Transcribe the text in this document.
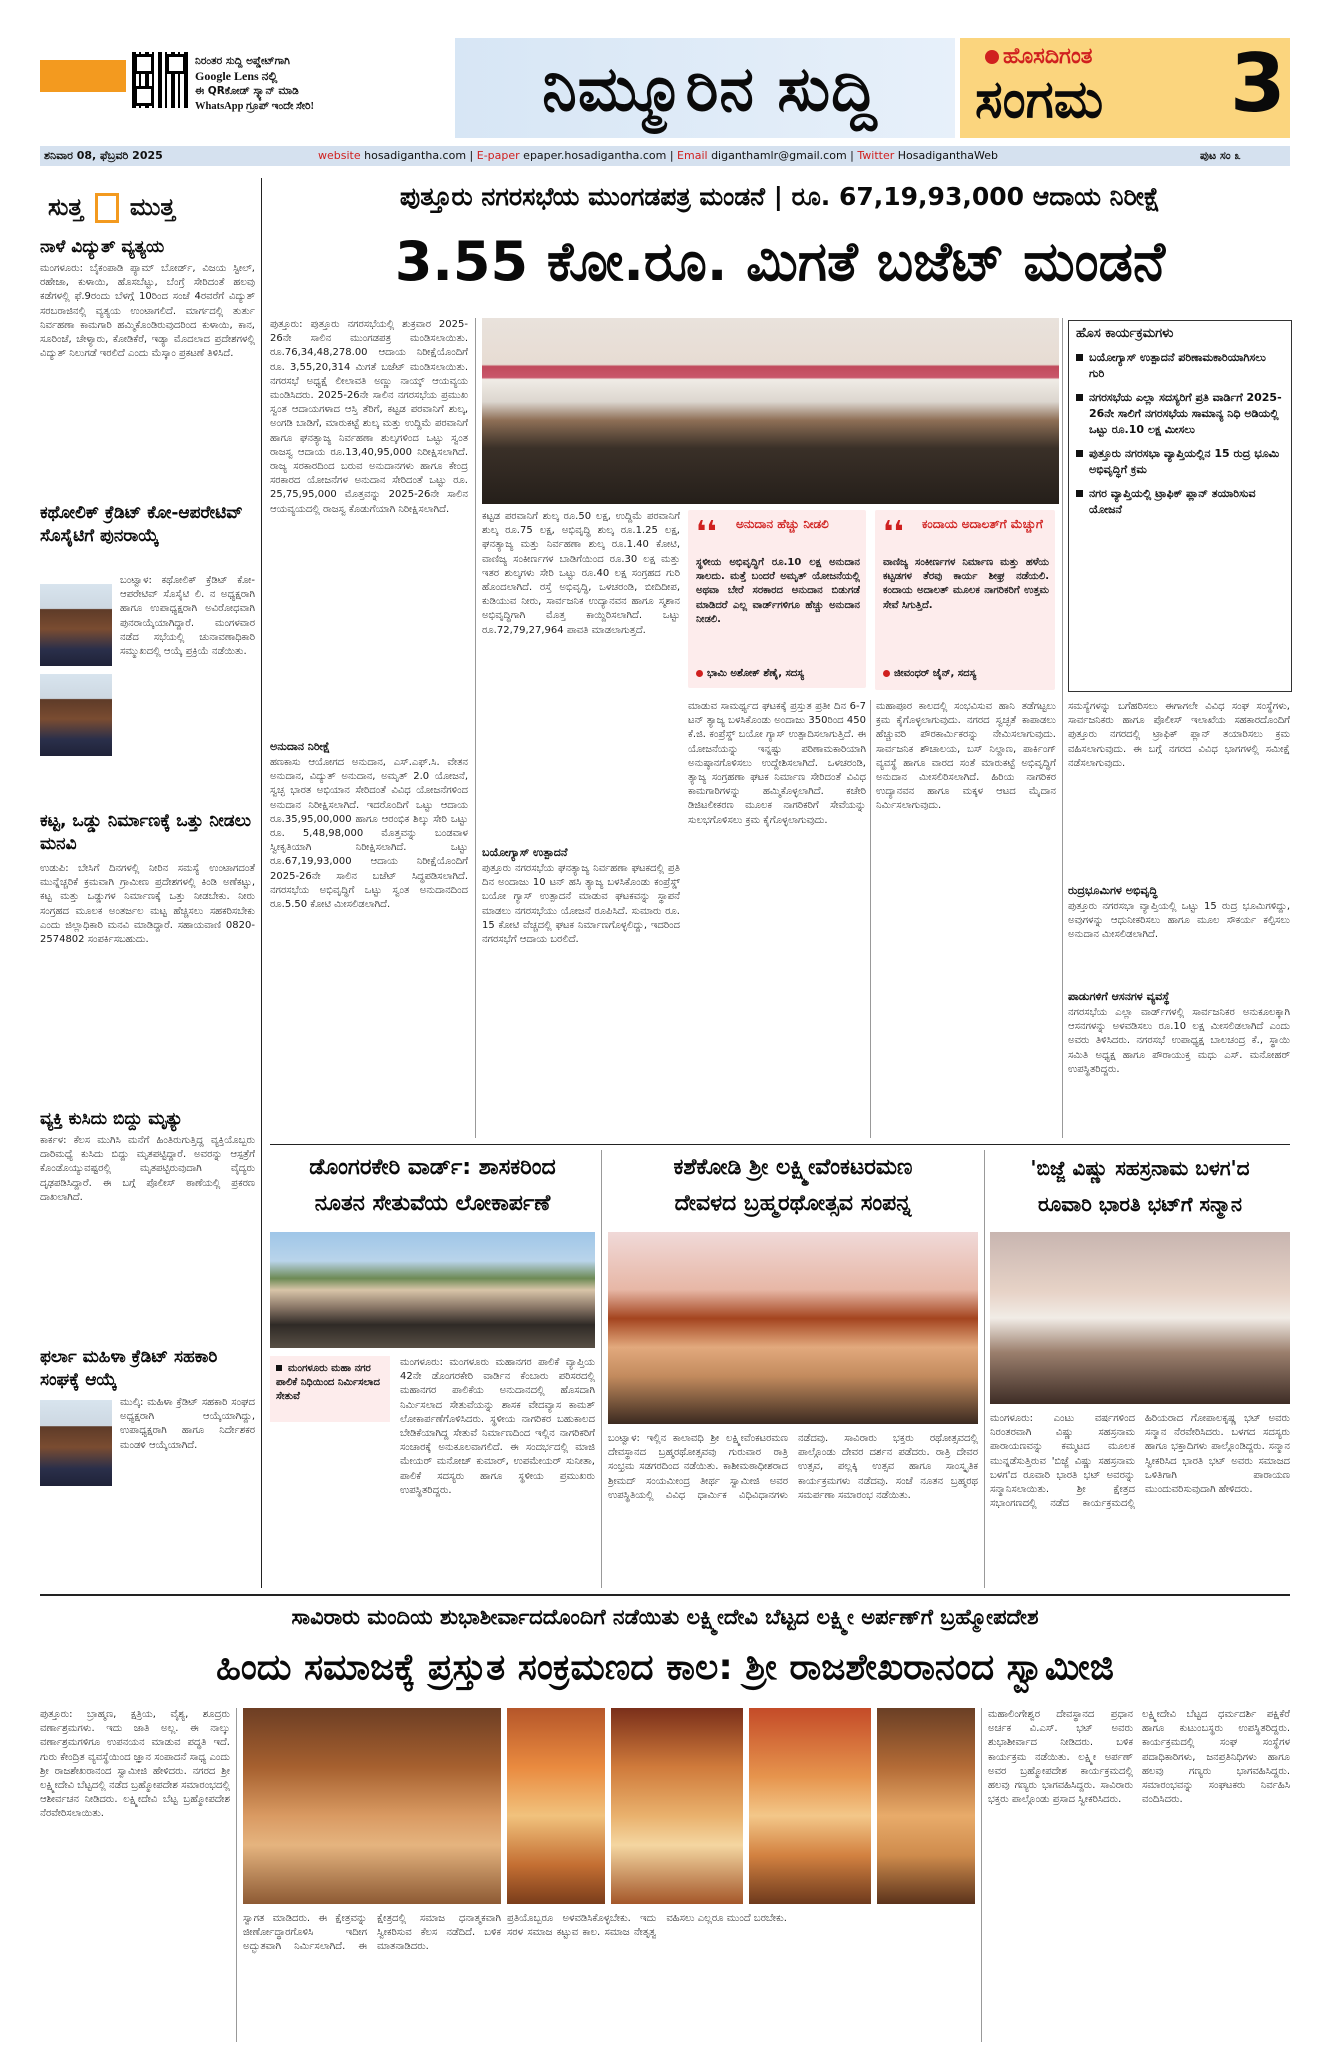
ನಿರಂತರ ಸುದ್ದಿ ಅಪ್ಡೇಟ್‌ಗಾಗಿ
Google Lens ನಲ್ಲಿ
ಈ QRಕೋಡ್ ಸ್ಕ್ಯಾನ್ ಮಾಡಿ
WhatsApp ಗ್ರೂಪ್ ಇಂದೇ ಸೇರಿ!	ನಿಮ್ಮೂರಿನ ಸುದ್ದಿ	ಹೊಸದಿಗಂತ
ಸಂಗಮ 3
ಶನಿವಾರ 08, ಫೆಬ್ರವರಿ 2025	website hosadigantha.com | E-paper epaper.hosadigantha.com | Email diganthamlr@gmail.com | Twitter HosadiganthaWeb	ಪುಟ ಸಂ ೩
ಸುತ್ತ ಮುತ್ತ
ನಾಳೆ ವಿದ್ಯುತ್ ವ್ಯತ್ಯಯ
ಮಂಗಳೂರು: ಬೈಕಂಪಾಡಿ ಪ್ಯಾಮ್ ಬೋರ್ಡ್, ವಿಜಯ ಸ್ಟೀಲ್, ರಹೇಜಾ, ಕುಳಾಯಿ, ಹೊಸಬೆಟ್ಟು, ಬೆಂಗ್ರೆ ಸೇರಿದಂತೆ ಹಲವು ಕಡೆಗಳಲ್ಲಿ ಫೆ.9ರಂದು ಬೆಳಗ್ಗೆ 10ರಿಂದ ಸಂಜೆ 4ರವರೆಗೆ ವಿದ್ಯುತ್ ಸರಬರಾಜಿನಲ್ಲಿ ವ್ಯತ್ಯಯ ಉಂಟಾಗಲಿದೆ. ಮಾರ್ಗದಲ್ಲಿ ತುರ್ತು ನಿರ್ವಹಣಾ ಕಾಮಗಾರಿ ಹಮ್ಮಿಕೊಂಡಿರುವುದರಿಂದ ಕುಳಾಯಿ, ಕಾನ, ಸೂರಿಂಜೆ, ಚೇಳ್ಯಾರು, ಕೋಡಿಕೆರೆ, ಇಡ್ಯಾ ಮೊದಲಾದ ಪ್ರದೇಶಗಳಲ್ಲಿ ವಿದ್ಯುತ್ ನಿಲುಗಡೆ ಇರಲಿದೆ ಎಂದು ಮೆಸ್ಕಾಂ ಪ್ರಕಟಣೆ ತಿಳಿಸಿದೆ.
ಕಥೋಲಿಕ್ ಕ್ರೆಡಿಟ್ ಕೋ-ಆಪರೇಟಿವ್ ಸೊಸೈಟಿಗೆ ಪುನರಾಯ್ಕೆ
ಬಂಟ್ವಾಳ: ಕಥೋಲಿಕ್ ಕ್ರೆಡಿಟ್ ಕೋ-ಆಪರೇಟಿವ್ ಸೊಸೈಟಿ ಲಿ. ನ ಅಧ್ಯಕ್ಷರಾಗಿ ಹಾಗೂ ಉಪಾಧ್ಯಕ್ಷರಾಗಿ ಅವಿರೋಧವಾಗಿ ಪುನರಾಯ್ಕೆಯಾಗಿದ್ದಾರೆ. ಮಂಗಳವಾರ ನಡೆದ ಸಭೆಯಲ್ಲಿ ಚುನಾವಣಾಧಿಕಾರಿ ಸಮ್ಮುಖದಲ್ಲಿ ಆಯ್ಕೆ ಪ್ರಕ್ರಿಯೆ ನಡೆಯಿತು.
ಕಟ್ಟ, ಒಡ್ಡು ನಿರ್ಮಾಣಕ್ಕೆ ಒತ್ತು ನೀಡಲು ಮನವಿ
ಉಡುಪಿ: ಬೇಸಿಗೆ ದಿನಗಳಲ್ಲಿ ನೀರಿನ ಸಮಸ್ಯೆ ಉಂಟಾಗದಂತೆ ಮುನ್ನೆಚ್ಚರಿಕೆ ಕ್ರಮವಾಗಿ ಗ್ರಾಮೀಣ ಪ್ರದೇಶಗಳಲ್ಲಿ ಕಿಂಡಿ ಅಣೆಕಟ್ಟು, ಕಟ್ಟ ಮತ್ತು ಒಡ್ಡುಗಳ ನಿರ್ಮಾಣಕ್ಕೆ ಒತ್ತು ನೀಡಬೇಕು. ನೀರು ಸಂಗ್ರಹದ ಮೂಲಕ ಅಂತರ್ಜಲ ಮಟ್ಟ ಹೆಚ್ಚಿಸಲು ಸಹಕರಿಸಬೇಕು ಎಂದು ಜಿಲ್ಲಾಧಿಕಾರಿ ಮನವಿ ಮಾಡಿದ್ದಾರೆ. ಸಹಾಯವಾಣಿ 0820-2574802 ಸಂಪರ್ಕಿಸಬಹುದು.
ವ್ಯಕ್ತಿ ಕುಸಿದು ಬಿದ್ದು ಮೃತ್ಯು
ಕಾರ್ಕಳ: ಕೆಲಸ ಮುಗಿಸಿ ಮನೆಗೆ ಹಿಂತಿರುಗುತ್ತಿದ್ದ ವ್ಯಕ್ತಿಯೊಬ್ಬರು ದಾರಿಮಧ್ಯೆ ಕುಸಿದು ಬಿದ್ದು ಮೃತಪಟ್ಟಿದ್ದಾರೆ. ಅವರನ್ನು ಆಸ್ಪತ್ರೆಗೆ ಕೊಂಡೊಯ್ಯುವಷ್ಟರಲ್ಲಿ ಮೃತಪಟ್ಟಿರುವುದಾಗಿ ವೈದ್ಯರು ದೃಢಪಡಿಸಿದ್ದಾರೆ. ಈ ಬಗ್ಗೆ ಪೊಲೀಸ್ ಠಾಣೆಯಲ್ಲಿ ಪ್ರಕರಣ ದಾಖಲಾಗಿದೆ.
ಫರ್ಲಾ ಮಹಿಳಾ ಕ್ರೆಡಿಟ್ ಸಹಕಾರಿ ಸಂಘಕ್ಕೆ ಆಯ್ಕೆ
ಮುಲ್ಕಿ: ಮಹಿಳಾ ಕ್ರೆಡಿಟ್ ಸಹಕಾರಿ ಸಂಘದ ಅಧ್ಯಕ್ಷರಾಗಿ ಆಯ್ಕೆಯಾಗಿದ್ದು, ಉಪಾಧ್ಯಕ್ಷರಾಗಿ ಹಾಗೂ ನಿರ್ದೇಶಕರ ಮಂಡಳಿ ಆಯ್ಕೆಯಾಗಿದೆ.
ಪುತ್ತೂರು ನಗರಸಭೆಯ ಮುಂಗಡಪತ್ರ ಮಂಡನೆ | ರೂ. 67,19,93,000 ಆದಾಯ ನಿರೀಕ್ಷೆ
3.55 ಕೋ.ರೂ. ಮಿಗತೆ ಬಜೆಟ್ ಮಂಡನೆ
ಪುತ್ತೂರು: ಪುತ್ತೂರು ನಗರಸಭೆಯಲ್ಲಿ ಶುಕ್ರವಾರ 2025-26ನೇ ಸಾಲಿನ ಮುಂಗಡಪತ್ರ ಮಂಡಿಸಲಾಯಿತು. ರೂ.76,34,48,278.00 ಆದಾಯ ನಿರೀಕ್ಷೆಯೊಂದಿಗೆ ರೂ. 3,55,20,314 ಮಿಗತೆ ಬಜೆಟ್ ಮಂಡಿಸಲಾಯಿತು. ನಗರಸಭೆ ಅಧ್ಯಕ್ಷೆ ಲೀಲಾವತಿ ಅಣ್ಣು ನಾಯ್ಕ್ ಆಯವ್ಯಯ ಮಂಡಿಸಿದರು. 2025-26ನೇ ಸಾಲಿನ ನಗರಸಭೆಯ ಪ್ರಮುಖ ಸ್ವಂತ ಆದಾಯಗಳಾದ ಆಸ್ತಿ ತೆರಿಗೆ, ಕಟ್ಟಡ ಪರವಾನಿಗೆ ಶುಲ್ಕ, ಅಂಗಡಿ ಬಾಡಿಗೆ, ಮಾರುಕಟ್ಟೆ ಶುಲ್ಕ ಮತ್ತು ಉದ್ದಿಮೆ ಪರವಾನಿಗೆ ಹಾಗೂ ಘನತ್ಯಾಜ್ಯ ನಿರ್ವಹಣಾ ಶುಲ್ಕಗಳಿಂದ ಒಟ್ಟು ಸ್ವಂತ ರಾಜಸ್ವ ಆದಾಯ ರೂ.13,40,95,000 ನಿರೀಕ್ಷಿಸಲಾಗಿದೆ. ರಾಜ್ಯ ಸರಕಾರದಿಂದ ಬರುವ ಅನುದಾನಗಳು ಹಾಗೂ ಕೇಂದ್ರ ಸರಕಾರದ ಯೋಜನೆಗಳ ಅನುದಾನ ಸೇರಿದಂತೆ ಒಟ್ಟು ರೂ. 25,75,95,000 ಮೊತ್ತವನ್ನು 2025-26ನೇ ಸಾಲಿನ ಆಯವ್ಯಯದಲ್ಲಿ ರಾಜಸ್ವ ಕೊಡುಗೆಯಾಗಿ ನಿರೀಕ್ಷಿಸಲಾಗಿದೆ.
ಅನುದಾನ ನಿರೀಕ್ಷೆ
ಹಣಕಾಸು ಆಯೋಗದ ಅನುದಾನ, ಎಸ್.ಎಫ್.ಸಿ. ವೇತನ ಅನುದಾನ, ವಿದ್ಯುತ್ ಅನುದಾನ, ಅಮೃತ್ 2.0 ಯೋಜನೆ, ಸ್ವಚ್ಛ ಭಾರತ ಅಭಿಯಾನ ಸೇರಿದಂತೆ ವಿವಿಧ ಯೋಜನೆಗಳಿಂದ ಅನುದಾನ ನಿರೀಕ್ಷಿಸಲಾಗಿದೆ. ಇದರೊಂದಿಗೆ ಒಟ್ಟು ಆದಾಯ ರೂ.35,95,00,000 ಹಾಗೂ ಆರಂಭಿಕ ಶಿಲ್ಕು ಸೇರಿ ಒಟ್ಟು ರೂ. 5,48,98,000 ಮೊತ್ತವನ್ನು ಬಂಡವಾಳ ಸ್ವೀಕೃತಿಯಾಗಿ ನಿರೀಕ್ಷಿಸಲಾಗಿದೆ. ಒಟ್ಟು ರೂ.67,19,93,000 ಆದಾಯ ನಿರೀಕ್ಷೆಯೊಂದಿಗೆ 2025-26ನೇ ಸಾಲಿನ ಬಜೆಟ್ ಸಿದ್ಧಪಡಿಸಲಾಗಿದೆ. ನಗರಸಭೆಯ ಅಭಿವೃದ್ಧಿಗೆ ಒಟ್ಟು ಸ್ವಂತ ಅನುದಾನದಿಂದ ರೂ.5.50 ಕೋಟಿ ಮೀಸಲಿಡಲಾಗಿದೆ.
ಕಟ್ಟಡ ಪರವಾನಿಗೆ ಶುಲ್ಕ ರೂ.50 ಲಕ್ಷ, ಉದ್ದಿಮೆ ಪರವಾನಿಗೆ ಶುಲ್ಕ ರೂ.75 ಲಕ್ಷ, ಅಭಿವೃದ್ಧಿ ಶುಲ್ಕ ರೂ.1.25 ಲಕ್ಷ, ಘನತ್ಯಾಜ್ಯ ಮತ್ತು ನಿರ್ವಹಣಾ ಶುಲ್ಕ ರೂ.1.40 ಕೋಟಿ, ವಾಣಿಜ್ಯ ಸಂಕೀರ್ಣಗಳ ಬಾಡಿಗೆಯಿಂದ ರೂ.30 ಲಕ್ಷ ಮತ್ತು ಇತರ ಶುಲ್ಕಗಳು ಸೇರಿ ಒಟ್ಟು ರೂ.40 ಲಕ್ಷ ಸಂಗ್ರಹದ ಗುರಿ ಹೊಂದಲಾಗಿದೆ. ರಸ್ತೆ ಅಭಿವೃದ್ಧಿ, ಒಳಚರಂಡಿ, ಬೀದಿದೀಪ, ಕುಡಿಯುವ ನೀರು, ಸಾರ್ವಜನಿಕ ಉದ್ಯಾನವನ ಹಾಗೂ ಸ್ಮಶಾನ ಅಭಿವೃದ್ಧಿಗಾಗಿ ಮೊತ್ತ ಕಾಯ್ದಿರಿಸಲಾಗಿದೆ. ಒಟ್ಟು ರೂ.72,79,27,964 ಪಾವತಿ ಮಾಡಲಾಗುತ್ತದೆ.
ಬಯೋಗ್ಯಾಸ್ ಉತ್ಪಾದನೆ
ಪುತ್ತೂರು ನಗರಸಭೆಯ ಘನತ್ಯಾಜ್ಯ ನಿರ್ವಹಣಾ ಘಟಕದಲ್ಲಿ ಪ್ರತಿ ದಿನ ಅಂದಾಜು 10 ಟನ್ ಹಸಿ ತ್ಯಾಜ್ಯ ಬಳಸಿಕೊಂಡು ಕಂಪ್ರೆಸ್ಡ್ ಬಯೋ ಗ್ಯಾಸ್ ಉತ್ಪಾದನೆ ಮಾಡುವ ಘಟಕವನ್ನು ಸ್ಥಾಪನೆ ಮಾಡಲು ನಗರಸಭೆಯು ಯೋಜನೆ ರೂಪಿಸಿದೆ. ಸುಮಾರು ರೂ. 15 ಕೋಟಿ ವೆಚ್ಚದಲ್ಲಿ ಘಟಕ ನಿರ್ಮಾಣಗೊಳ್ಳಲಿದ್ದು, ಇದರಿಂದ ನಗರಸಭೆಗೆ ಆದಾಯ ಬರಲಿದೆ.
❛❛ ಅನುದಾನ ಹೆಚ್ಚು ನೀಡಲಿ
ಸ್ಥಳೀಯ ಅಭಿವೃದ್ಧಿಗೆ ರೂ.10 ಲಕ್ಷ ಅನುದಾನ ಸಾಲದು. ಮತ್ತೆ ಬಂದರೆ ಅಮೃತ್ ಯೋಜನೆಯಲ್ಲಿ ಅಥವಾ ಬೇರೆ ಸರಕಾರದ ಅನುದಾನ ಬಿಡುಗಡೆ ಮಾಡಿದರೆ ಎಲ್ಲ ವಾರ್ಡ್‌ಗಳಿಗೂ ಹೆಚ್ಚು ಅನುದಾನ ನೀಡಲಿ.
ಭಾಮಿ ಅಶೋಕ್ ಶೆಣೈ, ಸದಸ್ಯ
❛❛ ಕಂದಾಯ ಅದಾಲತ್‌ಗೆ ಮೆಚ್ಚುಗೆ
ವಾಣಿಜ್ಯ ಸಂಕೀರ್ಣಗಳ ನಿರ್ಮಾಣ ಮತ್ತು ಹಳೆಯ ಕಟ್ಟಡಗಳ ತೆರವು ಕಾರ್ಯ ಶೀಘ್ರ ನಡೆಯಲಿ. ಕಂದಾಯ ಅದಾಲತ್ ಮೂಲಕ ನಾಗರಿಕರಿಗೆ ಉತ್ತಮ ಸೇವೆ ಸಿಗುತ್ತಿದೆ.
ಜೀವಂಧರ್ ಜೈನ್, ಸದಸ್ಯ
ಮಾಡುವ ಸಾಮರ್ಥ್ಯದ ಘಟಕಕ್ಕೆ ಪ್ರಸ್ತುತ ಪ್ರತೀ ದಿನ 6-7 ಟನ್ ತ್ಯಾಜ್ಯ ಬಳಸಿಕೊಂಡು ಅಂದಾಜು 350ರಿಂದ 450 ಕೆ.ಜಿ. ಕಂಪ್ರೆಸ್ಡ್ ಬಯೋ ಗ್ಯಾಸ್ ಉತ್ಪಾದಿಸಲಾಗುತ್ತಿದೆ. ಈ ಯೋಜನೆಯನ್ನು ಇನ್ನಷ್ಟು ಪರಿಣಾಮಕಾರಿಯಾಗಿ ಅನುಷ್ಠಾನಗೊಳಿಸಲು ಉದ್ದೇಶಿಸಲಾಗಿದೆ. ಒಳಚರಂಡಿ, ತ್ಯಾಜ್ಯ ಸಂಗ್ರಹಣಾ ಘಟಕ ನಿರ್ಮಾಣ ಸೇರಿದಂತೆ ವಿವಿಧ ಕಾಮಗಾರಿಗಳನ್ನು ಹಮ್ಮಿಕೊಳ್ಳಲಾಗಿದೆ. ಕಚೇರಿ ಡಿಜಿಟಲೀಕರಣ ಮೂಲಕ ನಾಗರಿಕರಿಗೆ ಸೇವೆಯನ್ನು ಸುಲಭಗೊಳಿಸಲು ಕ್ರಮ ಕೈಗೊಳ್ಳಲಾಗುವುದು.
ಮಹಾಪೂರ ಕಾಲದಲ್ಲಿ ಸಂಭವಿಸುವ ಹಾನಿ ತಡೆಗಟ್ಟಲು ಕ್ರಮ ಕೈಗೊಳ್ಳಲಾಗುವುದು. ನಗರದ ಸ್ವಚ್ಛತೆ ಕಾಪಾಡಲು ಹೆಚ್ಚುವರಿ ಪೌರಕಾರ್ಮಿಕರನ್ನು ನೇಮಿಸಲಾಗುವುದು. ಸಾರ್ವಜನಿಕ ಶೌಚಾಲಯ, ಬಸ್ ನಿಲ್ದಾಣ, ಪಾರ್ಕಿಂಗ್ ವ್ಯವಸ್ಥೆ ಹಾಗೂ ವಾರದ ಸಂತೆ ಮಾರುಕಟ್ಟೆ ಅಭಿವೃದ್ಧಿಗೆ ಅನುದಾನ ಮೀಸಲಿರಿಸಲಾಗಿದೆ. ಹಿರಿಯ ನಾಗರಿಕರ ಉದ್ಯಾನವನ ಹಾಗೂ ಮಕ್ಕಳ ಆಟದ ಮೈದಾನ ನಿರ್ಮಿಸಲಾಗುವುದು.
ಹೊಸ ಕಾರ್ಯಕ್ರಮಗಳು
ಬಯೋಗ್ಯಾಸ್ ಉತ್ಪಾದನೆ ಪರಿಣಾಮಕಾರಿಯಾಗಿಸಲು ಗುರಿ
ನಗರಸಭೆಯ ಎಲ್ಲಾ ಸದಸ್ಯರಿಗೆ ಪ್ರತಿ ವಾರ್ಡಿಗೆ 2025-26ನೇ ಸಾಲಿಗೆ ನಗರಸಭೆಯ ಸಾಮಾನ್ಯ ನಿಧಿ ಅಡಿಯಲ್ಲಿ ಒಟ್ಟು ರೂ.10 ಲಕ್ಷ ಮೀಸಲು
ಪುತ್ತೂರು ನಗರಸಭಾ ವ್ಯಾಪ್ತಿಯಲ್ಲಿನ 15 ರುದ್ರ ಭೂಮಿ ಅಭಿವೃದ್ಧಿಗೆ ಕ್ರಮ
ನಗರ ವ್ಯಾಪ್ತಿಯಲ್ಲಿ ಟ್ರಾಫಿಕ್ ಪ್ಲಾನ್ ತಯಾರಿಸುವ ಯೋಜನೆ
ಸಮಸ್ಯೆಗಳನ್ನು ಬಗೆಹರಿಸಲು ಈಗಾಗಲೇ ವಿವಿಧ ಸಂಘ ಸಂಸ್ಥೆಗಳು, ಸಾರ್ವಜನಿಕರು ಹಾಗೂ ಪೊಲೀಸ್ ಇಲಾಖೆಯ ಸಹಕಾರದೊಂದಿಗೆ ಪುತ್ತೂರು ನಗರದಲ್ಲಿ ಟ್ರಾಫಿಕ್ ಪ್ಲಾನ್ ತಯಾರಿಸಲು ಕ್ರಮ ವಹಿಸಲಾಗುವುದು. ಈ ಬಗ್ಗೆ ನಗರದ ವಿವಿಧ ಭಾಗಗಳಲ್ಲಿ ಸಮೀಕ್ಷೆ ನಡೆಸಲಾಗುವುದು.
ರುದ್ರಭೂಮಿಗಳ ಅಭಿವೃದ್ಧಿ
ಪುತ್ತೂರು ನಗರಸಭಾ ವ್ಯಾಪ್ತಿಯಲ್ಲಿ ಒಟ್ಟು 15 ರುದ್ರ ಭೂಮಿಗಳಿದ್ದು, ಅವುಗಳನ್ನು ಆಧುನೀಕರಿಸಲು ಹಾಗೂ ಮೂಲ ಸೌಕರ್ಯ ಕಲ್ಪಿಸಲು ಅನುದಾನ ಮೀಸಲಿಡಲಾಗಿದೆ.
ಪಾಡುಗಳಿಗೆ ಆಸನಗಳ ವ್ಯವಸ್ಥೆ
ನಗರಸಭೆಯ ಎಲ್ಲಾ ವಾರ್ಡ್‌ಗಳಲ್ಲಿ ಸಾರ್ವಜನಿಕರ ಅನುಕೂಲಕ್ಕಾಗಿ ಆಸನಗಳನ್ನು ಅಳವಡಿಸಲು ರೂ.10 ಲಕ್ಷ ಮೀಸಲಿಡಲಾಗಿದೆ ಎಂದು ಅವರು ತಿಳಿಸಿದರು. ನಗರಸಭೆ ಉಪಾಧ್ಯಕ್ಷ ಬಾಲಚಂದ್ರ ಕೆ., ಸ್ಥಾಯಿ ಸಮಿತಿ ಅಧ್ಯಕ್ಷ ಹಾಗೂ ಪೌರಾಯುಕ್ತ ಮಧು ಎಸ್. ಮನೋಹರ್ ಉಪಸ್ಥಿತರಿದ್ದರು.
ಡೊಂಗರಕೇರಿ ವಾರ್ಡ್: ಶಾಸಕರಿಂದ
ನೂತನ ಸೇತುವೆಯ ಲೋಕಾರ್ಪಣೆ
ಮಂಗಳೂರು: ಮಂಗಳೂರು ಮಹಾನಗರ ಪಾಲಿಕೆ ವ್ಯಾಪ್ತಿಯ 42ನೇ ಡೊಂಗರಕೇರಿ ವಾರ್ಡಿನ ಕೆಂಬಾರು ಪರಿಸರದಲ್ಲಿ ಮಹಾನಗರ ಪಾಲಿಕೆಯ ಅನುದಾನದಲ್ಲಿ ಹೊಸದಾಗಿ ನಿರ್ಮಿಸಲಾದ ಸೇತುವೆಯನ್ನು ಶಾಸಕ ವೇದವ್ಯಾಸ ಕಾಮತ್ ಲೋಕಾರ್ಪಣೆಗೊಳಿಸಿದರು. ಸ್ಥಳೀಯ ನಾಗರಿಕರ ಬಹುಕಾಲದ ಬೇಡಿಕೆಯಾಗಿದ್ದ ಸೇತುವೆ ನಿರ್ಮಾಣದಿಂದ ಇಲ್ಲಿನ ನಾಗರಿಕರಿಗೆ ಸಂಚಾರಕ್ಕೆ ಅನುಕೂಲವಾಗಲಿದೆ. ಈ ಸಂದರ್ಭದಲ್ಲಿ ಮಾಜಿ ಮೇಯರ್ ಮನೋಜ್ ಕುಮಾರ್, ಉಪಮೇಯರ್ ಸುನೀತಾ, ಪಾಲಿಕೆ ಸದಸ್ಯರು ಹಾಗೂ ಸ್ಥಳೀಯ ಪ್ರಮುಖರು ಉಪಸ್ಥಿತರಿದ್ದರು.
ಮಂಗಳೂರು ಮಹಾ ನಗರ ಪಾಲಿಕೆ ನಿಧಿಯಿಂದ ನಿರ್ಮಿಸಲಾದ ಸೇತುವೆ
ಕಶೆಕೋಡಿ ಶ್ರೀ ಲಕ್ಷ್ಮೀವೆಂಕಟರಮಣ
ದೇವಳದ ಬ್ರಹ್ಮರಥೋತ್ಸವ ಸಂಪನ್ನ
ಬಂಟ್ವಾಳ: ಇಲ್ಲಿನ ಕಾಲಾವಧಿ ಶ್ರೀ ಲಕ್ಷ್ಮೀವೆಂಕಟರಮಣ ದೇವಸ್ಥಾನದ ಬ್ರಹ್ಮರಥೋತ್ಸವವು ಗುರುವಾರ ರಾತ್ರಿ ಸಂಭ್ರಮ ಸಡಗರದಿಂದ ನಡೆಯಿತು. ಕಾಶೀಮಠಾಧೀಶರಾದ ಶ್ರೀಮದ್ ಸಂಯಮೀಂದ್ರ ತೀರ್ಥ ಸ್ವಾಮೀಜಿ ಅವರ ಉಪಸ್ಥಿತಿಯಲ್ಲಿ ವಿವಿಧ ಧಾರ್ಮಿಕ ವಿಧಿವಿಧಾನಗಳು ನಡೆದವು. ಸಾವಿರಾರು ಭಕ್ತರು ರಥೋತ್ಸವದಲ್ಲಿ ಪಾಲ್ಗೊಂಡು ದೇವರ ದರ್ಶನ ಪಡೆದರು. ರಾತ್ರಿ ದೇವರ ಉತ್ಸವ, ಪಲ್ಲಕ್ಕಿ ಉತ್ಸವ ಹಾಗೂ ಸಾಂಸ್ಕೃತಿಕ ಕಾರ್ಯಕ್ರಮಗಳು ನಡೆದವು. ಸಂಜೆ ನೂತನ ಬ್ರಹ್ಮರಥ ಸಮರ್ಪಣಾ ಸಮಾರಂಭ ನಡೆಯಿತು.
'ಬಿಜ್ಜೆ ವಿಷ್ಣು ಸಹಸ್ರನಾಮ ಬಳಗ'ದ
ರೂವಾರಿ ಭಾರತಿ ಭಟ್‌ಗೆ ಸನ್ಮಾನ
ಮಂಗಳೂರು: ಎಂಟು ವರ್ಷಗಳಿಂದ ನಿರಂತರವಾಗಿ ವಿಷ್ಣು ಸಹಸ್ರನಾಮ ಪಾರಾಯಣವನ್ನು ಕಮ್ಮಟದ ಮೂಲಕ ಮುನ್ನಡೆಸುತ್ತಿರುವ 'ಬಿಜ್ಜೆ ವಿಷ್ಣು ಸಹಸ್ರನಾಮ ಬಳಗ'ದ ರೂವಾರಿ ಭಾರತಿ ಭಟ್ ಅವರನ್ನು ಸನ್ಮಾನಿಸಲಾಯಿತು. ಶ್ರೀ ಕ್ಷೇತ್ರದ ಸಭಾಂಗಣದಲ್ಲಿ ನಡೆದ ಕಾರ್ಯಕ್ರಮದಲ್ಲಿ ಹಿರಿಯರಾದ ಗೋಪಾಲಕೃಷ್ಣ ಭಟ್ ಅವರು ಸನ್ಮಾನ ನೆರವೇರಿಸಿದರು. ಬಳಗದ ಸದಸ್ಯರು ಹಾಗೂ ಭಕ್ತಾದಿಗಳು ಪಾಲ್ಗೊಂಡಿದ್ದರು. ಸನ್ಮಾನ ಸ್ವೀಕರಿಸಿದ ಭಾರತಿ ಭಟ್ ಅವರು ಸಮಾಜದ ಒಳಿತಿಗಾಗಿ ಪಾರಾಯಣ ಮುಂದುವರಿಸುವುದಾಗಿ ಹೇಳಿದರು.
ಸಾವಿರಾರು ಮಂದಿಯ ಶುಭಾಶೀರ್ವಾದದೊಂದಿಗೆ ನಡೆಯಿತು ಲಕ್ಷ್ಮೀದೇವಿ ಬೆಟ್ಟದ ಲಕ್ಷ್ಮೀ ಅರ್ಪಣ್‌ಗೆ ಬ್ರಹ್ಮೋಪದೇಶ
ಹಿಂದು ಸಮಾಜಕ್ಕೆ ಪ್ರಸ್ತುತ ಸಂಕ್ರಮಣದ ಕಾಲ: ಶ್ರೀ ರಾಜಶೇಖರಾನಂದ ಸ್ವಾಮೀಜಿ
ಪುತ್ತೂರು: ಬ್ರಾಹ್ಮಣ, ಕ್ಷತ್ರಿಯ, ವೈಶ್ಯ, ಶೂದ್ರರು ವರ್ಣಾಶ್ರಮಗಳು. ಇದು ಜಾತಿ ಅಲ್ಲ. ಈ ನಾಲ್ಕು ವರ್ಣಾಶ್ರಮಗಳಿಗೂ ಉಪನಯನ ಮಾಡುವ ಪದ್ಧತಿ ಇದೆ. ಗುರು ಕೇಂದ್ರಿತ ವ್ಯವಸ್ಥೆಯಿಂದ ಜ್ಞಾನ ಸಂಪಾದನೆ ಸಾಧ್ಯ ಎಂದು ಶ್ರೀ ರಾಜಶೇಖರಾನಂದ ಸ್ವಾಮೀಜಿ ಹೇಳಿದರು. ನಗರದ ಶ್ರೀ ಲಕ್ಷ್ಮೀದೇವಿ ಬೆಟ್ಟದಲ್ಲಿ ನಡೆದ ಬ್ರಹ್ಮೋಪದೇಶ ಸಮಾರಂಭದಲ್ಲಿ ಆಶೀರ್ವಚನ ನೀಡಿದರು. ಲಕ್ಷ್ಮೀದೇವಿ ಬೆಟ್ಟ ಬ್ರಹ್ಮೋಪದೇಶ ನೆರವೇರಿಸಲಾಯಿತು.
ಸ್ವಾಗತ ಮಾಡಿದರು. ಈ ಕ್ಷೇತ್ರವನ್ನು ಜೀರ್ಣೋದ್ಧಾರಗೊಳಿಸಿ ಇದೀಗ ಅದ್ಭುತವಾಗಿ ನಿರ್ಮಿಸಲಾಗಿದೆ. ಈ ಕ್ಷೇತ್ರದಲ್ಲಿ ಸಮಾಜ ಧನಾತ್ಮಕವಾಗಿ ಸ್ವೀಕರಿಸುವ ಕೆಲಸ ನಡೆದಿದೆ. ಬಳಿಕ ಮಾತನಾಡಿದರು.
ಪ್ರತಿಯೊಬ್ಬರೂ ಅಳವಡಿಸಿಕೊಳ್ಳಬೇಕು. ಇದು ಸರಳ ಸಮಾಜ ಕಟ್ಟುವ ಕಾಲ. ಸಮಾಜ ನೇತೃತ್ವ ವಹಿಸಲು ಎಲ್ಲರೂ ಮುಂದೆ ಬರಬೇಕು.
ಮಹಾಲಿಂಗೇಶ್ವರ ದೇವಸ್ಥಾನದ ಪ್ರಧಾನ ಅರ್ಚಕ ವಿ.ಎಸ್. ಭಟ್ ಅವರು ಶುಭಾಶೀರ್ವಾದ ನೀಡಿದರು. ಬಳಿಕ ಕಾರ್ಯಕ್ರಮ ನಡೆಯಿತು. ಲಕ್ಷ್ಮೀ ಅರ್ಪಣ್ ಅವರ ಬ್ರಹ್ಮೋಪದೇಶ ಕಾರ್ಯಕ್ರಮದಲ್ಲಿ ಹಲವು ಗಣ್ಯರು ಭಾಗವಹಿಸಿದ್ದರು. ಸಾವಿರಾರು ಭಕ್ತರು ಪಾಲ್ಗೊಂಡು ಪ್ರಸಾದ ಸ್ವೀಕರಿಸಿದರು.
ಲಕ್ಷ್ಮೀದೇವಿ ಬೆಟ್ಟದ ಧರ್ಮದರ್ಶಿ ಪಕ್ಷಿಕೆರೆ ಹಾಗೂ ಕುಟುಂಬಸ್ಥರು ಉಪಸ್ಥಿತರಿದ್ದರು. ಕಾರ್ಯಕ್ರಮದಲ್ಲಿ ಸಂಘ ಸಂಸ್ಥೆಗಳ ಪದಾಧಿಕಾರಿಗಳು, ಜನಪ್ರತಿನಿಧಿಗಳು ಹಾಗೂ ಹಲವು ಗಣ್ಯರು ಭಾಗವಹಿಸಿದ್ದರು. ಸಮಾರಂಭವನ್ನು ಸಂಘಟಕರು ನಿರ್ವಹಿಸಿ ವಂದಿಸಿದರು.
